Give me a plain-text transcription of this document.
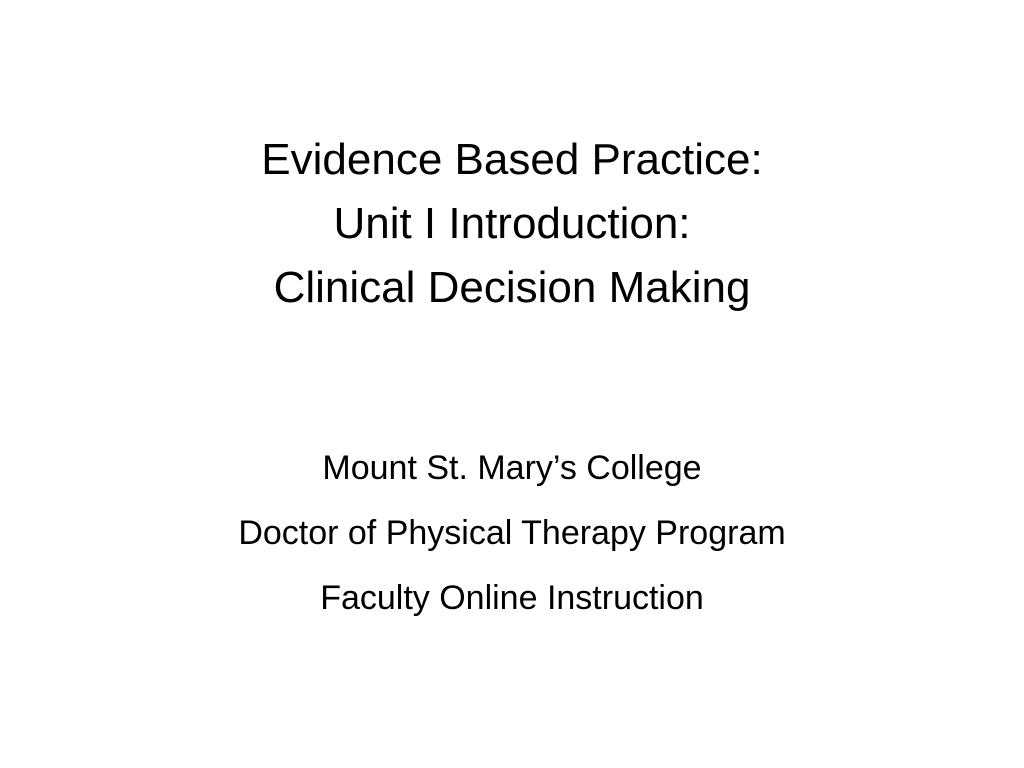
Evidence Based Practice:
Unit I Introduction:
Clinical Decision Making
Mount St. Mary’s College
Doctor of Physical Therapy Program
Faculty Online Instruction
